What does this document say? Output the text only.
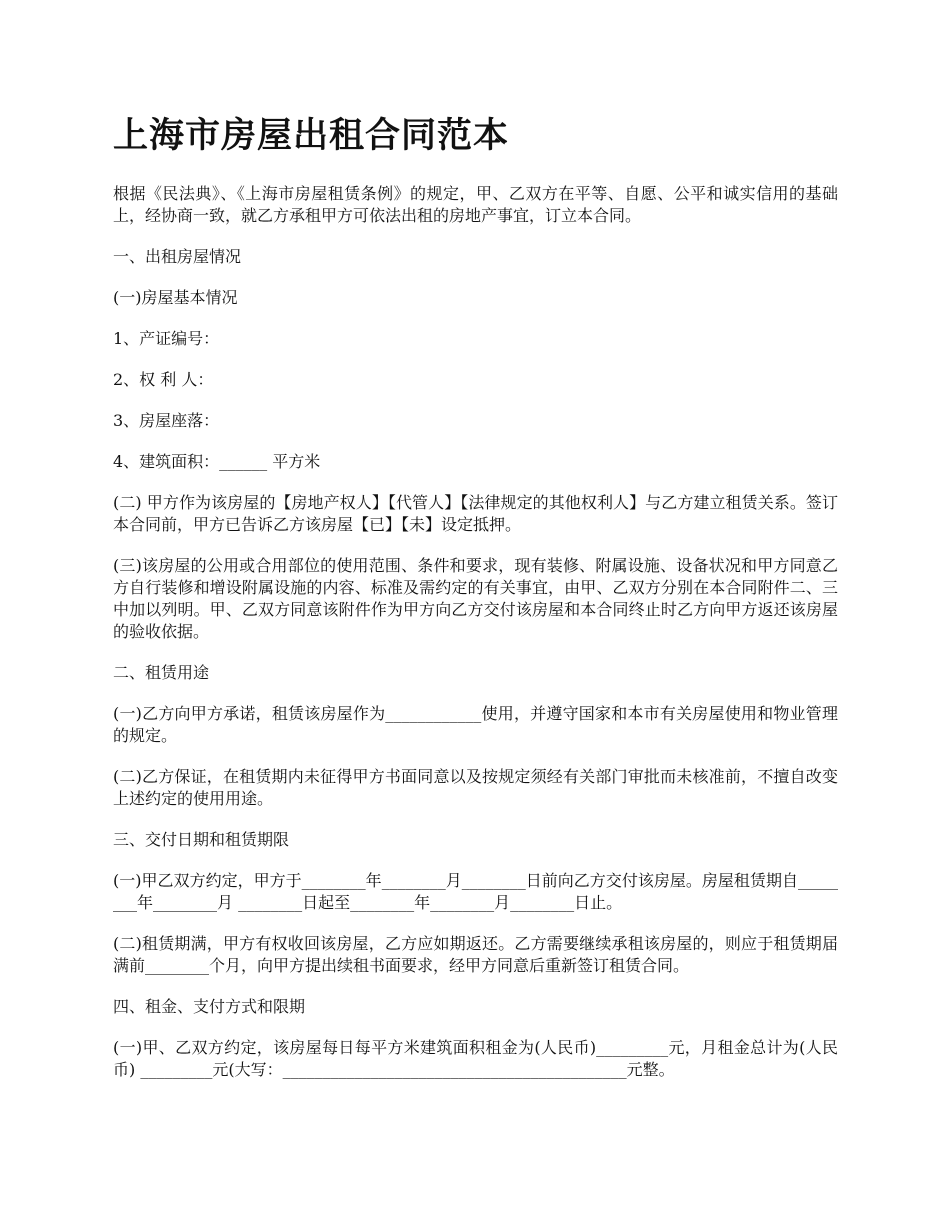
上海市房屋出租合同范本

根据《民法典》、《上海市房屋租赁条例》的规定，甲、乙双方在平等、自愿、公平和诚实信用的基础上，经协商一致，就乙方承租甲方可依法出租的房地产事宜，订立本合同。

一、出租房屋情况

(一)房屋基本情况

1、产证编号：

2、权 利 人：

3、房屋座落：

4、建筑面积：______ 平方米

(二) 甲方作为该房屋的【房地产权人】【代管人】【法律规定的其他权利人】与乙方建立租赁关系。签订本合同前，甲方已告诉乙方该房屋【已】【未】设定抵押。

(三)该房屋的公用或合用部位的使用范围、条件和要求，现有装修、附属设施、设备状况和甲方同意乙方自行装修和增设附属设施的内容、标准及需约定的有关事宜，由甲、乙双方分别在本合同附件二、三中加以列明。甲、乙双方同意该附件作为甲方向乙方交付该房屋和本合同终止时乙方向甲方返还该房屋的验收依据。

二、租赁用途

(一)乙方向甲方承诺，租赁该房屋作为____________使用，并遵守国家和本市有关房屋使用和物业管理的规定。

(二)乙方保证，在租赁期内未征得甲方书面同意以及按规定须经有关部门审批而未核准前，不擅自改变上述约定的使用用途。

三、交付日期和租赁期限

(一)甲乙双方约定，甲方于________年________月________日前向乙方交付该房屋。房屋租赁期自________年________月 ________日起至________年________月________日止。

(二)租赁期满，甲方有权收回该房屋，乙方应如期返还。乙方需要继续承租该房屋的，则应于租赁期届满前________个月，向甲方提出续租书面要求，经甲方同意后重新签订租赁合同。

四、租金、支付方式和限期

(一)甲、乙双方约定，该房屋每日每平方米建筑面积租金为(人民币)_________元，月租金总计为(人民币) _________元(大写：___________________________________________元整。
